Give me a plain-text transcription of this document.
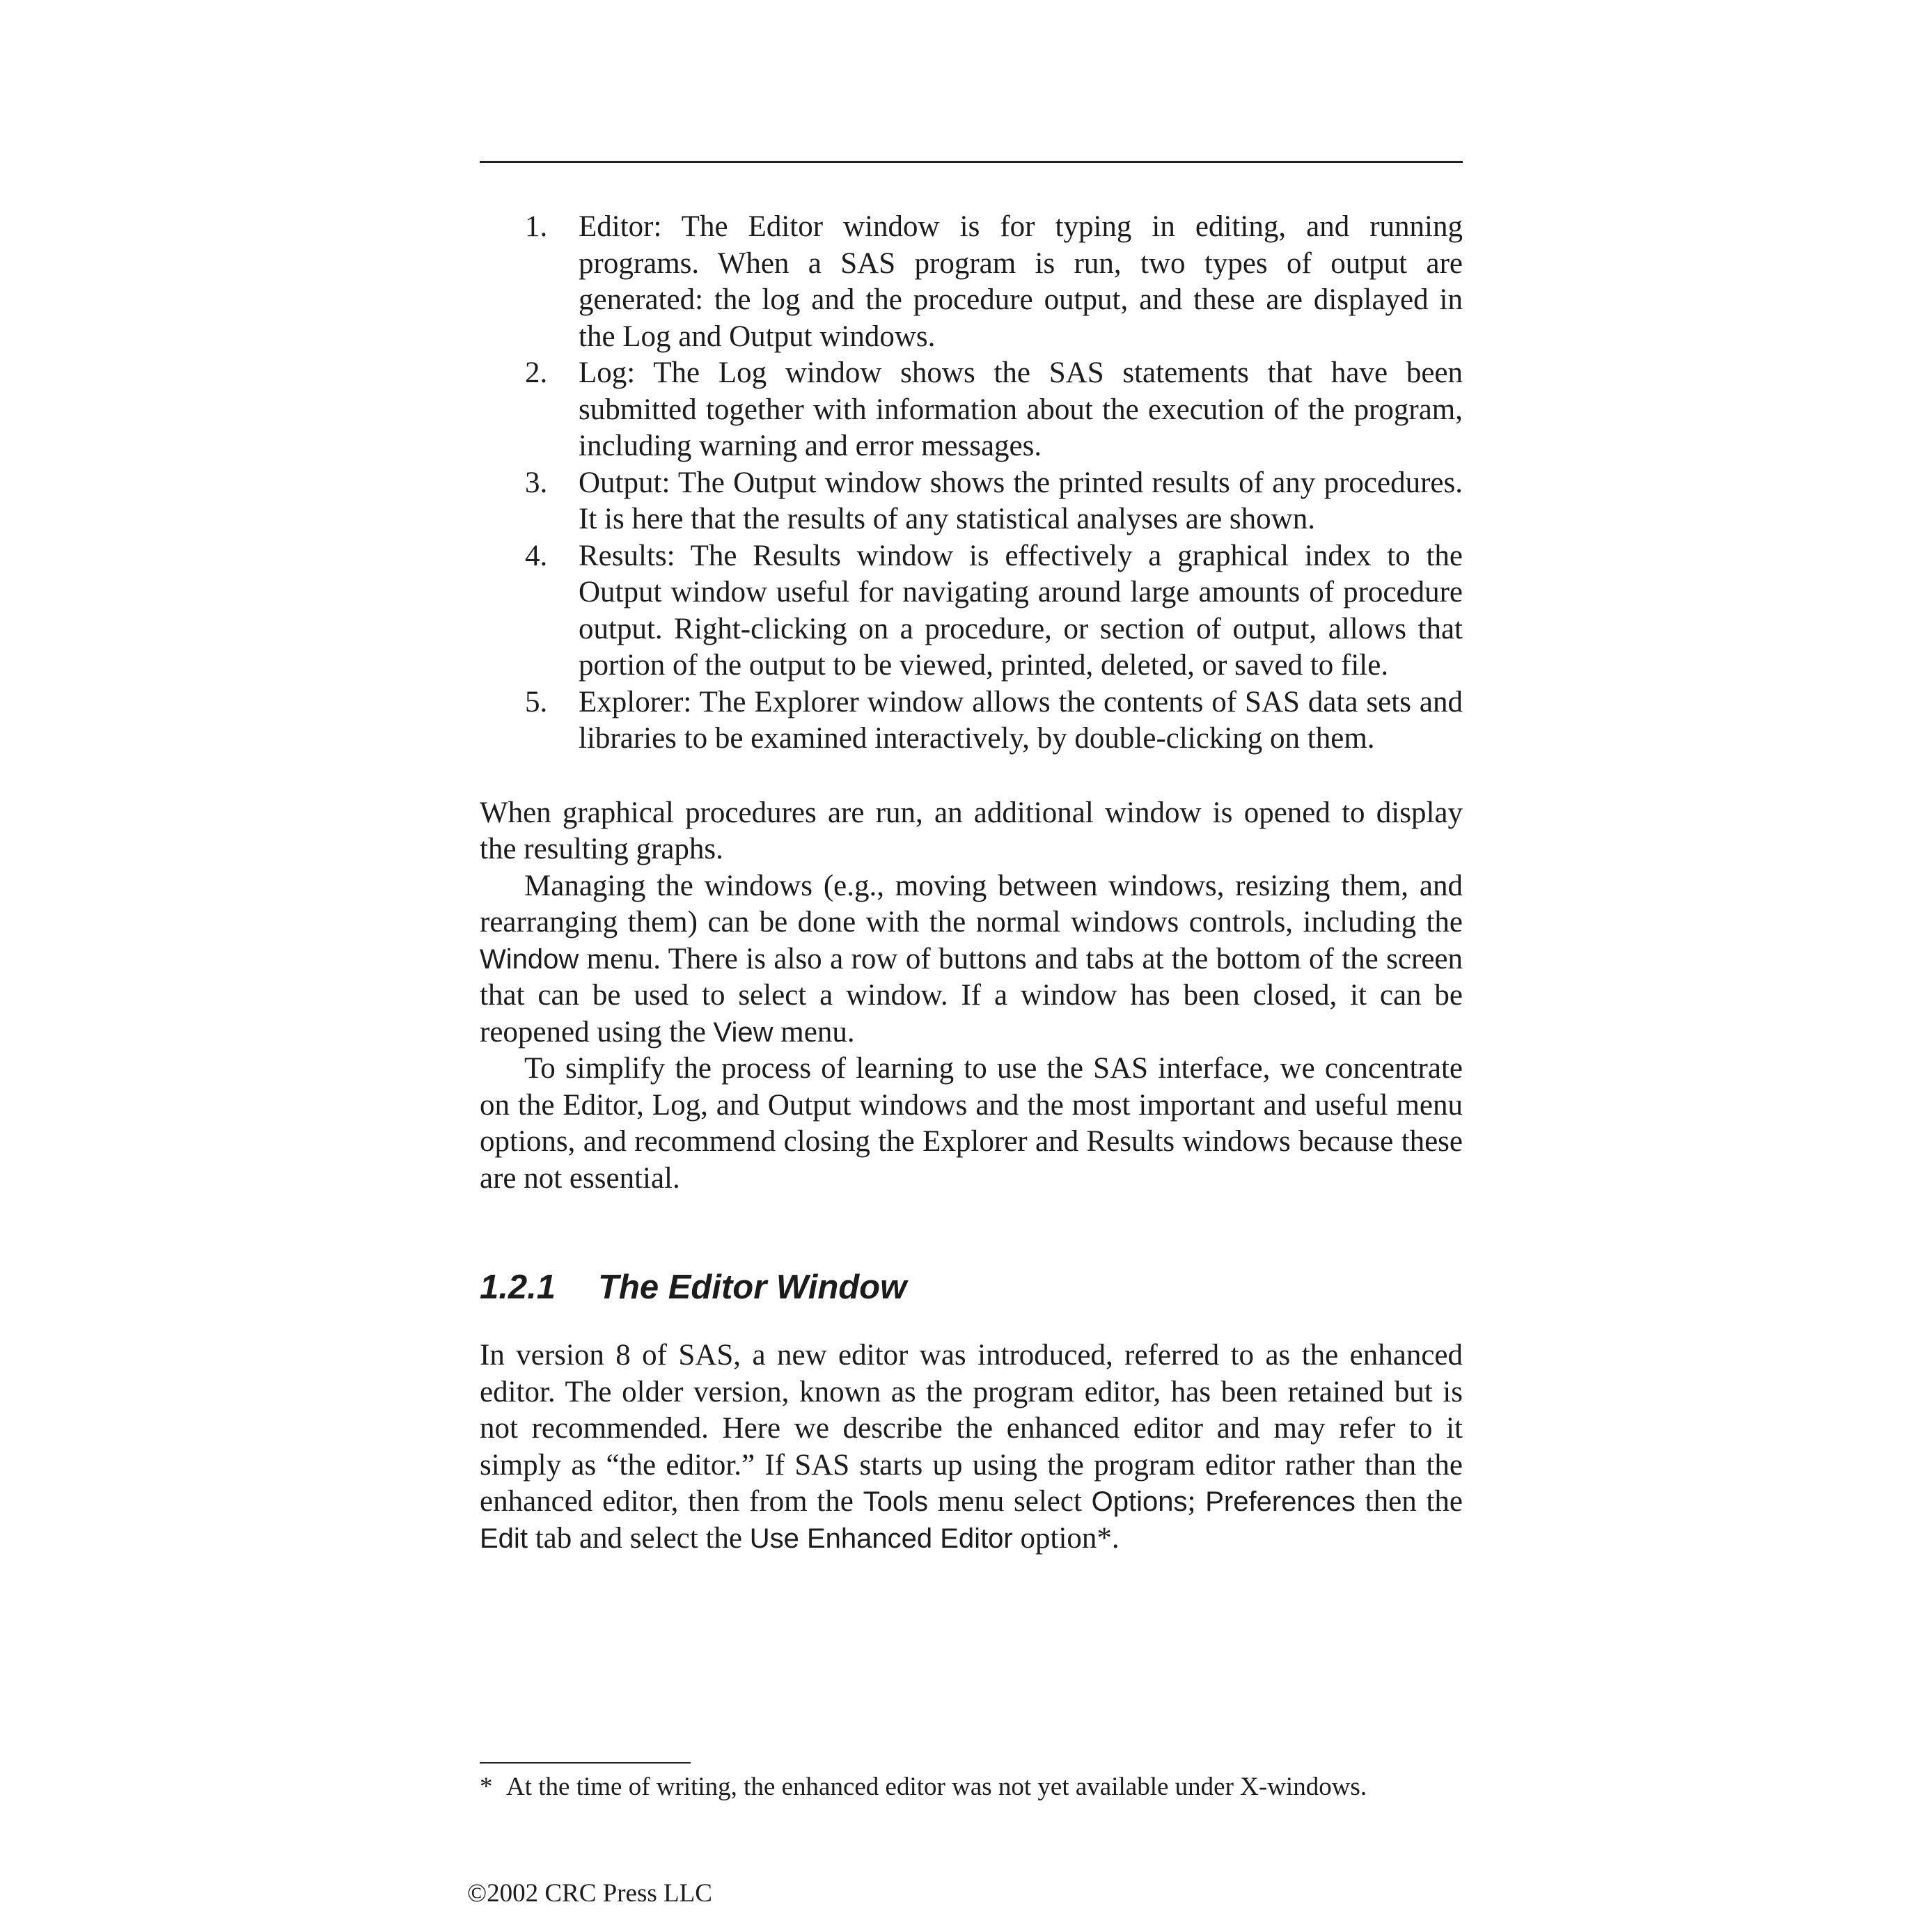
1. Editor: The Editor window is for typing in editing, and running programs. When a SAS program is run, two types of output are generated: the log and the procedure output, and these are displayed in the Log and Output windows.
2. Log: The Log window shows the SAS statements that have been submitted together with information about the execution of the program, including warning and error messages.
3. Output: The Output window shows the printed results of any procedures. It is here that the results of any statistical analyses are shown.
4. Results: The Results window is effectively a graphical index to the Output window useful for navigating around large amounts of procedure output. Right-clicking on a procedure, or section of output, allows that portion of the output to be viewed, printed, deleted, or saved to file.
5. Explorer: The Explorer window allows the contents of SAS data sets and libraries to be examined interactively, by double-clicking on them.

When graphical procedures are run, an additional window is opened to display the resulting graphs.

Managing the windows (e.g., moving between windows, resizing them, and rearranging them) can be done with the normal windows controls, including the Window menu. There is also a row of buttons and tabs at the bottom of the screen that can be used to select a window. If a window has been closed, it can be reopened using the View menu.

To simplify the process of learning to use the SAS interface, we concentrate on the Editor, Log, and Output windows and the most important and useful menu options, and recommend closing the Explorer and Results windows because these are not essential.

1.2.1 The Editor Window

In version 8 of SAS, a new editor was introduced, referred to as the enhanced editor. The older version, known as the program editor, has been retained but is not recommended. Here we describe the enhanced editor and may refer to it simply as “the editor.” If SAS starts up using the program editor rather than the enhanced editor, then from the Tools menu select Options; Preferences then the Edit tab and select the Use Enhanced Editor option*.

* At the time of writing, the enhanced editor was not yet available under X-windows.

©2002 CRC Press LLC
